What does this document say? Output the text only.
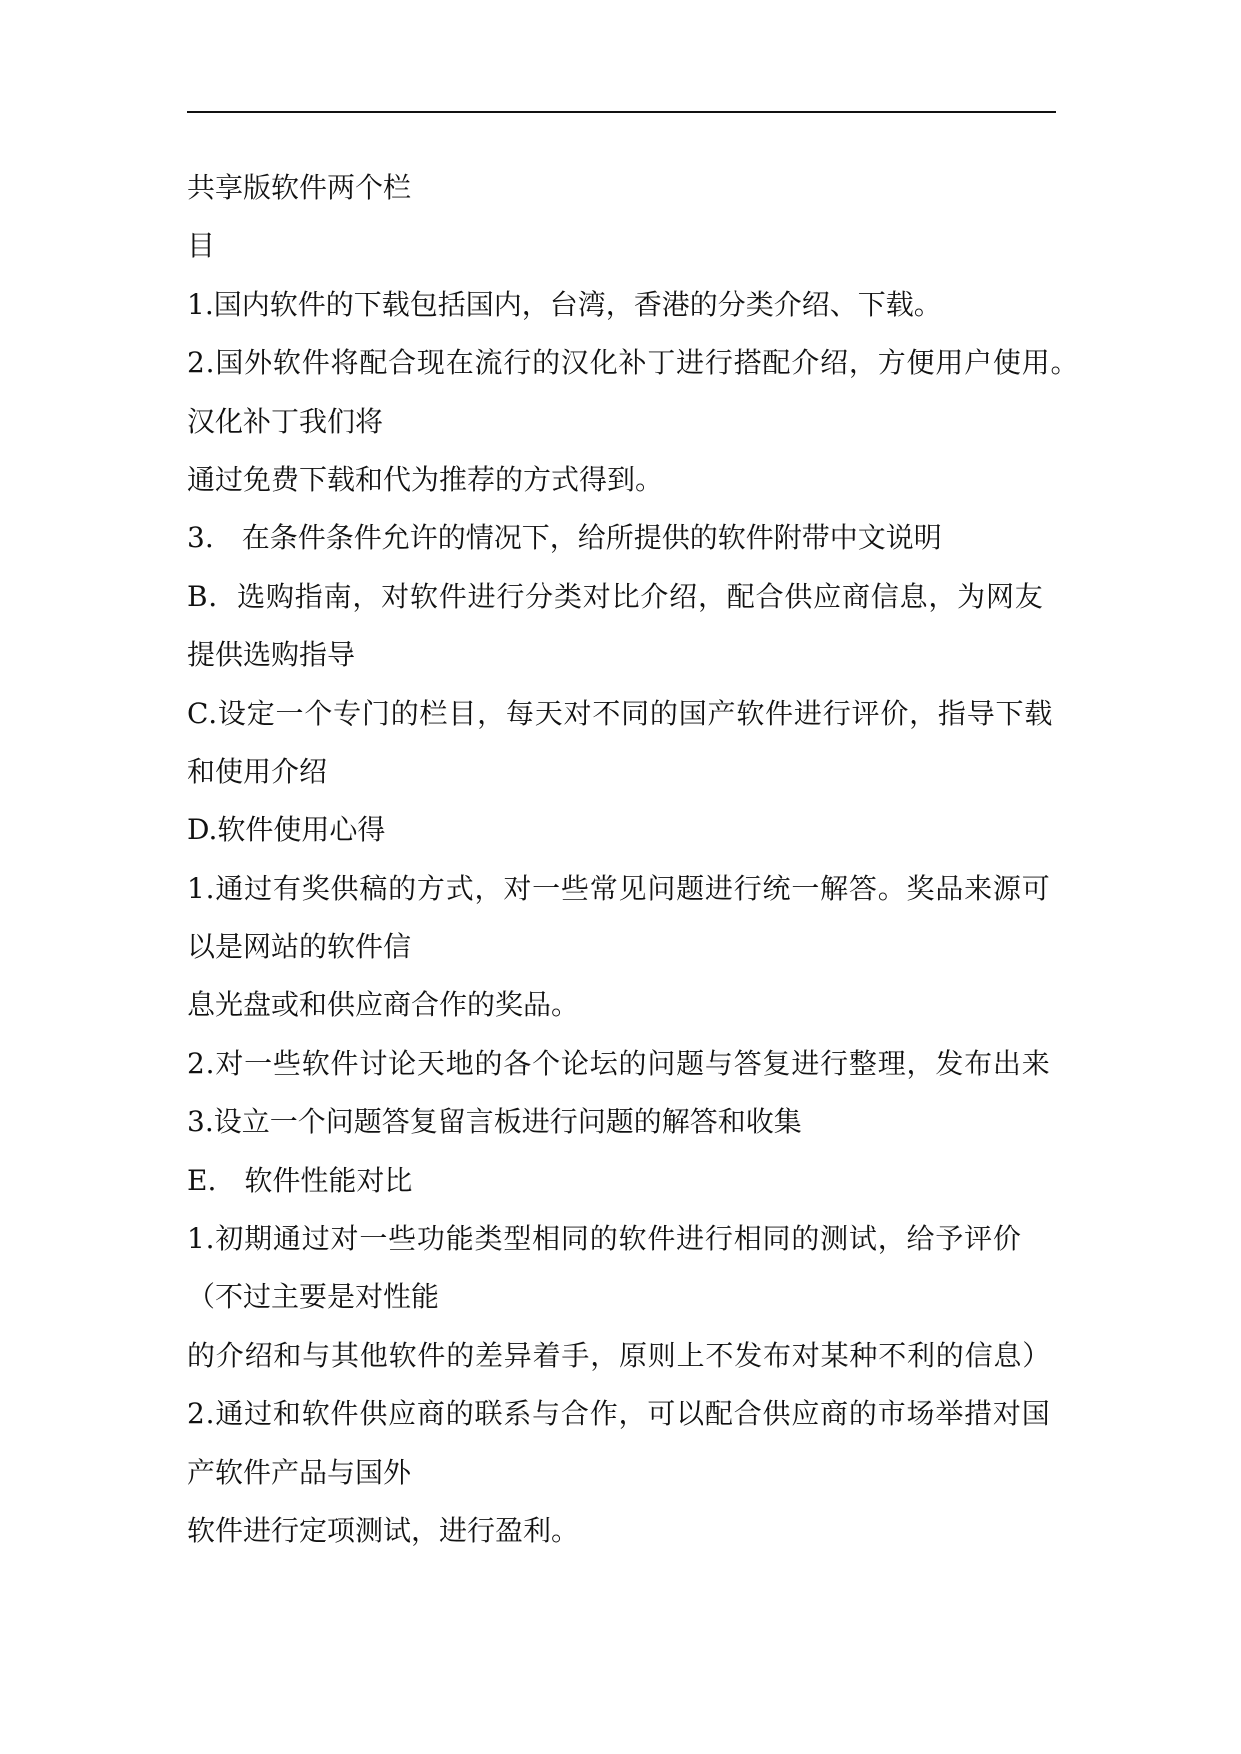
共享版软件两个栏
目
1.国内软件的下载包括国内，台湾，香港的分类介绍、下载。
2.国外软件将配合现在流行的汉化补丁进行搭配介绍，方便用户使用。
汉化补丁我们将
通过免费下载和代为推荐的方式得到。
3.　在条件条件允许的情况下，给所提供的软件附带中文说明
B．选购指南，对软件进行分类对比介绍，配合供应商信息，为网友
提供选购指导
C.设定一个专门的栏目，每天对不同的国产软件进行评价，指导下载
和使用介绍
D.软件使用心得
1.通过有奖供稿的方式，对一些常见问题进行统一解答。奖品来源可
以是网站的软件信
息光盘或和供应商合作的奖品。
2.对一些软件讨论天地的各个论坛的问题与答复进行整理，发布出来
3.设立一个问题答复留言板进行问题的解答和收集
E.　软件性能对比
1.初期通过对一些功能类型相同的软件进行相同的测试，给予评价
（不过主要是对性能
的介绍和与其他软件的差异着手，原则上不发布对某种不利的信息）
2.通过和软件供应商的联系与合作，可以配合供应商的市场举措对国
产软件产品与国外
软件进行定项测试，进行盈利。
